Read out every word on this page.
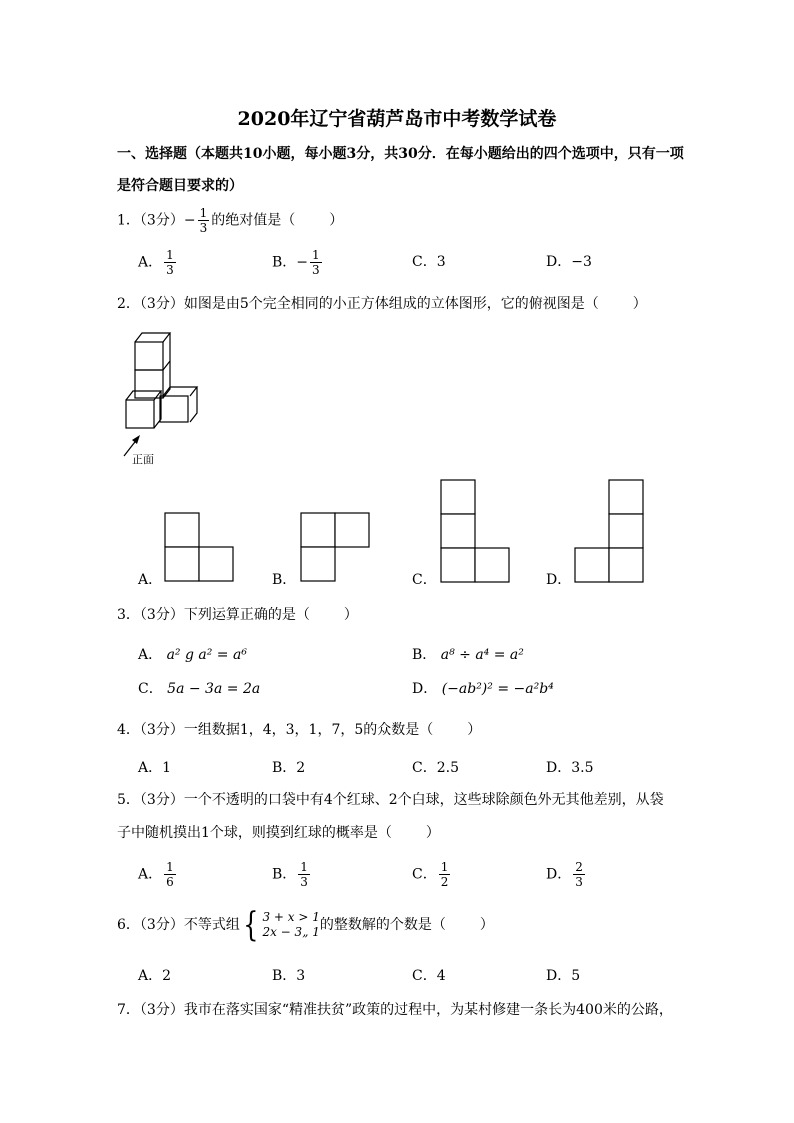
2020年辽宁省葫芦岛市中考数学试卷
一、选择题（本题共10小题，每小题3分，共30分．在每小题给出的四个选项中，只有一项是符合题目要求的）
1．（3分）− $\frac{1}{3}$ 的绝对值是（ ）
A． $\frac{1}{3}$	B．− $\frac{1}{3}$	C．3	D．−3
2．（3分）如图是由5个完全相同的小正方体组成的立体图形，它的俯视图是（ ）
正面
A．	B．	C．	D．
3．（3分）下列运算正确的是（ ）
A． a² g a² = a⁶	B． a⁸ ÷ a⁴ = a²
C． 5a − 3a = 2a	D． (−ab²)² = −a²b⁴
4．（3分）一组数据1，4，3，1，7，5的众数是（ ）
A．1	B．2	C．2.5	D．3.5
5．（3分）一个不透明的口袋中有4个红球、2个白球，这些球除颜色外无其他差别，从袋
子中随机摸出1个球，则摸到红球的概率是（ ）
A． $\frac{1}{6}$	B． $\frac{1}{3}$	C． $\frac{1}{2}$	D． $\frac{2}{3}$
6．（3分）不等式组 { 3 + x > 1
2x − 3„ 1 的整数解的个数是（ ）
A．2	B．3	C．4	D．5
7．（3分）我市在落实国家“精准扶贫”政策的过程中，为某村修建一条长为400米的公路，
